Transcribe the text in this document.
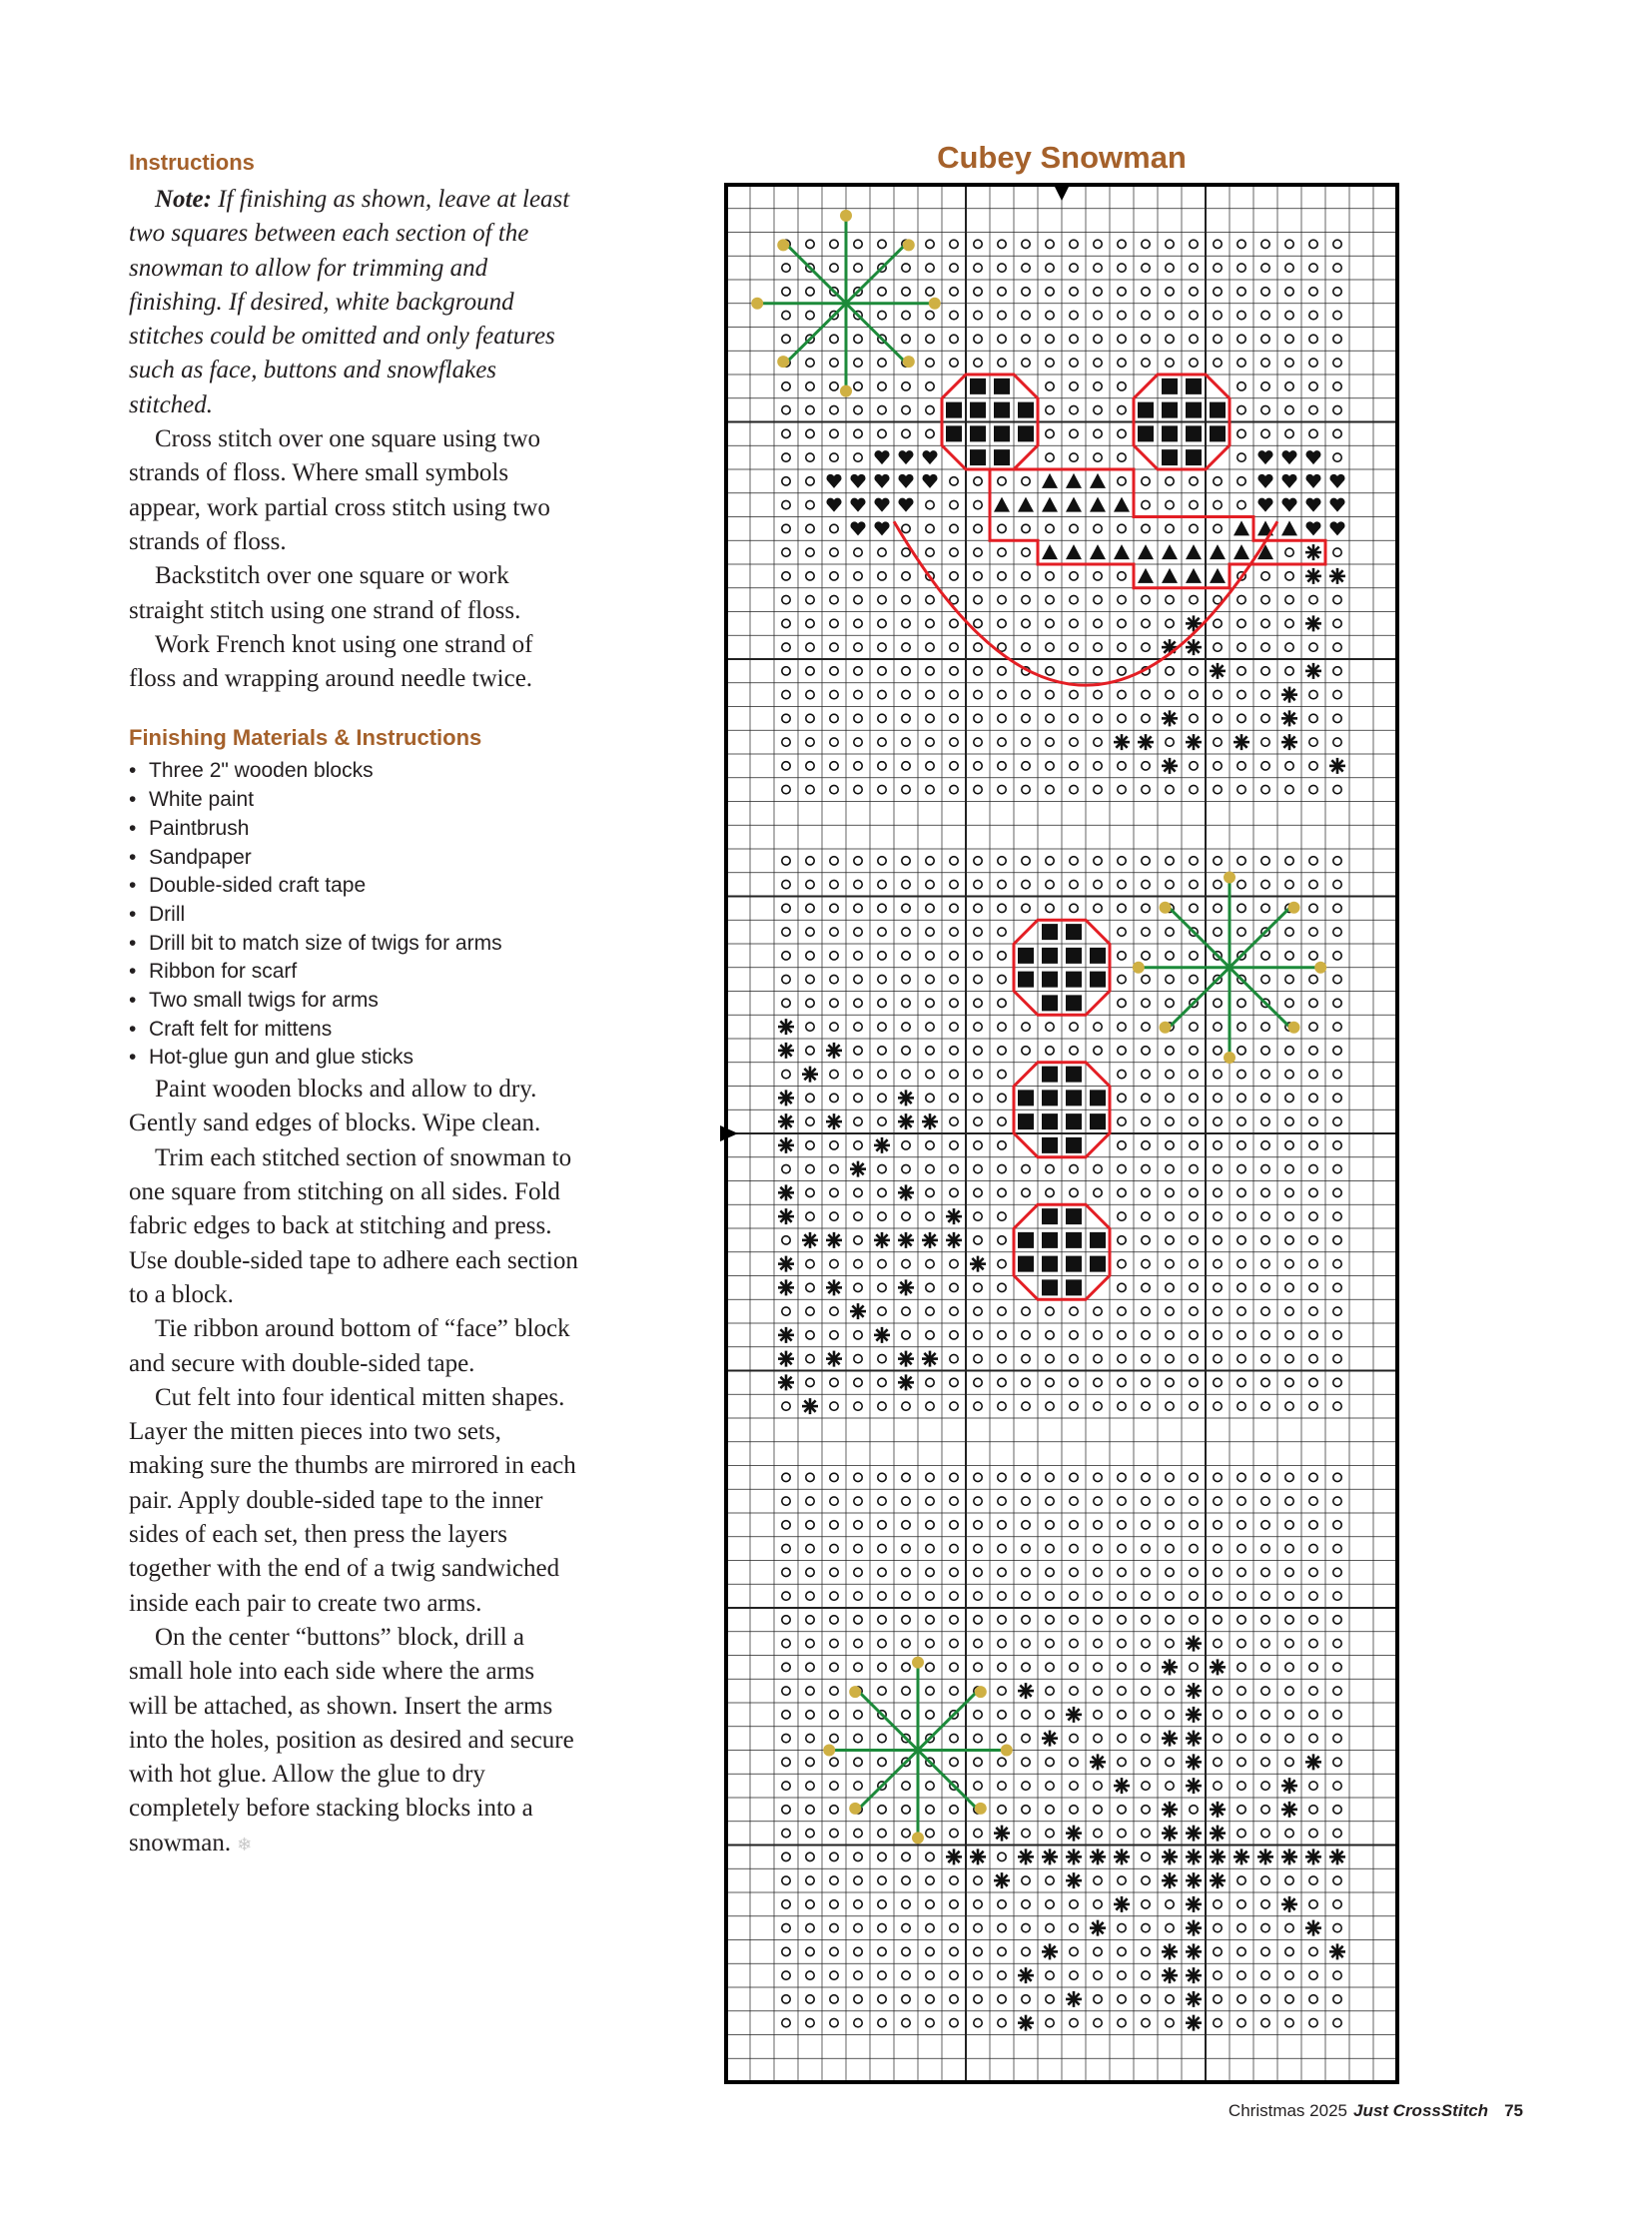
Instructions

Note: If finishing as shown, leave at least two squares between each section of the snowman to allow for trimming and finishing. If desired, white background stitches could be omitted and only features such as face, buttons and snowflakes stitched.

Cross stitch over one square using two strands of floss. Where small symbols appear, work partial cross stitch using two strands of floss.

Backstitch over one square or work straight stitch using one strand of floss.

Work French knot using one strand of floss and wrapping around needle twice.

Finishing Materials & Instructions
• Three 2" wooden blocks
• White paint
• Paintbrush
• Sandpaper
• Double-sided craft tape
• Drill
• Drill bit to match size of twigs for arms
• Ribbon for scarf
• Two small twigs for arms
• Craft felt for mittens
• Hot-glue gun and glue sticks

Paint wooden blocks and allow to dry. Gently sand edges of blocks. Wipe clean.

Trim each stitched section of snowman to one square from stitching on all sides. Fold fabric edges to back at stitching and press. Use double-sided tape to adhere each section to a block.

Tie ribbon around bottom of “face” block and secure with double-sided tape.

Cut felt into four identical mitten shapes. Layer the mitten pieces into two sets, making sure the thumbs are mirrored in each pair. Apply double-sided tape to the inner sides of each set, then press the layers together with the end of a twig sandwiched inside each pair to create two arms.

On the center “buttons” block, drill a small hole into each side where the arms will be attached, as shown. Insert the arms into the holes, position as desired and secure with hot glue. Allow the glue to dry completely before stacking blocks into a snowman. ❄

Cubey Snowman
Christmas 2025 Just CrossStitch 75
